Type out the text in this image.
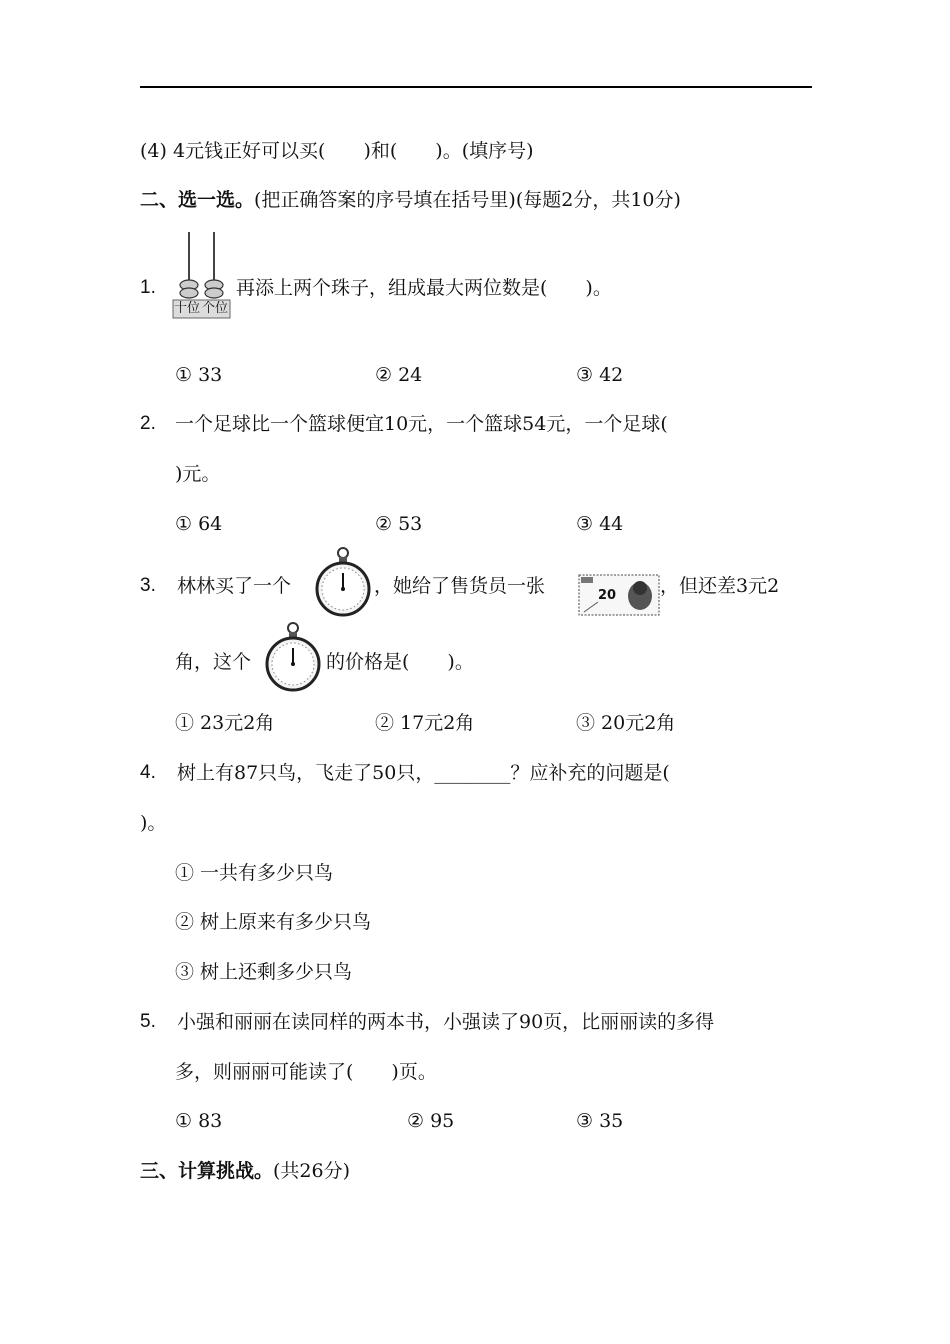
(4) 4元钱正好可以买(　　)和(　　)。(填序号)
二、选一选。(把正确答案的序号填在括号里)(每题2分，共10分)
1.
十位 个位
再添上两个珠子，组成最大两位数是(　　)。
① 33	② 24	③ 42
2. 一个足球比一个篮球便宜10元，一个篮球54元，一个足球(
)元。
① 64	② 53	③ 44
3. 林林买了一个	，她给了售货员一张	20 ，但还差3元2
角，这个	的价格是(　　)。
① 23元2角	② 17元2角	③ 20元2角
4. 树上有87只鸟，飞走了50只，________？应补充的问题是(
)。
① 一共有多少只鸟
② 树上原来有多少只鸟
③ 树上还剩多少只鸟
5. 小强和丽丽在读同样的两本书，小强读了90页，比丽丽读的多得
多，则丽丽可能读了(　　)页。
① 83	② 95	③ 35
三、计算挑战。(共26分)
